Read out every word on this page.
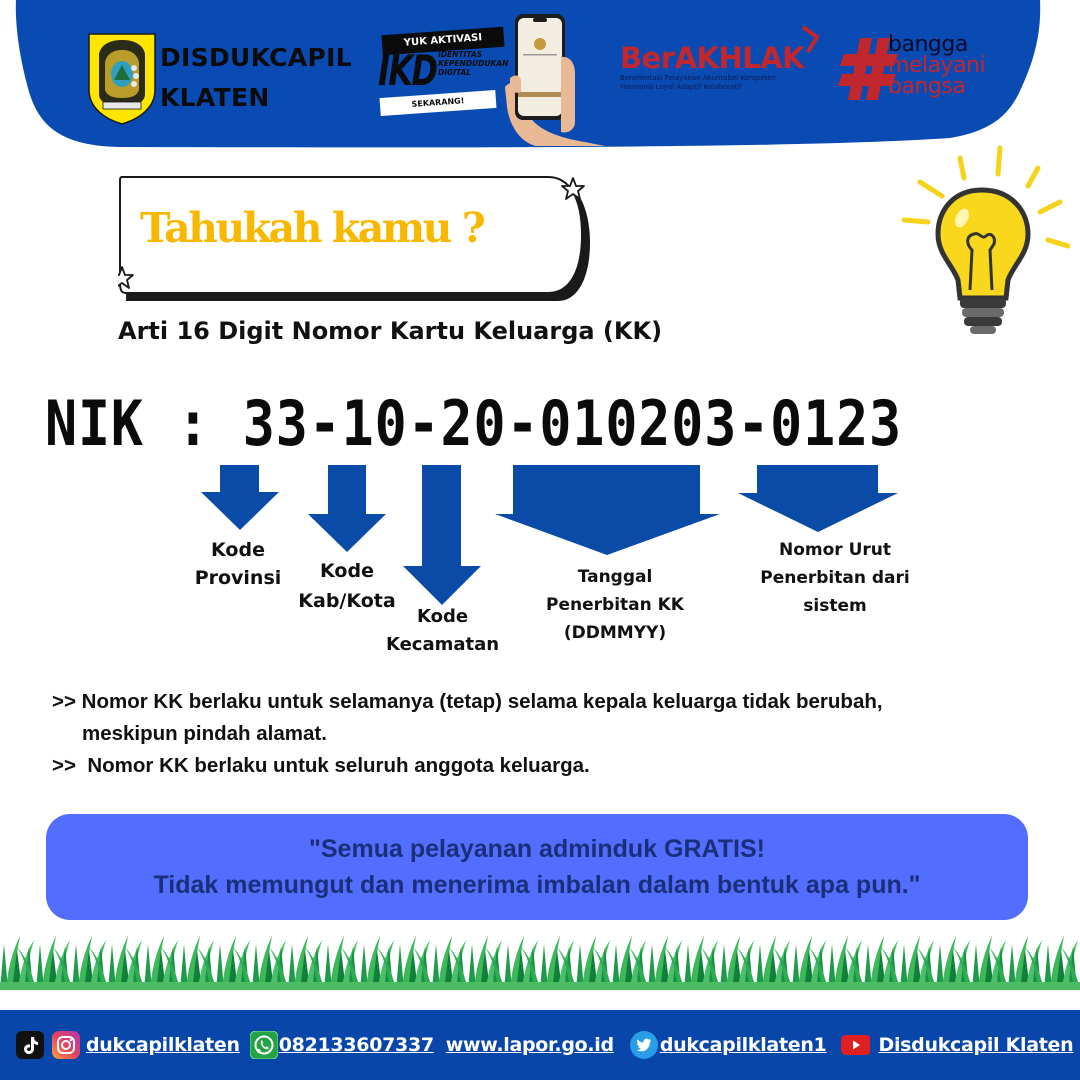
DISDUKCAPIL
KLATEN
YUK AKTIVASI
IKD IDENTITAS
KEPENDUDUKAN
DIGITAL
SEKARANG!
BerAKHLAK
Berorientasi Pelayanan Akuntabel Kompeten
Harmonis Loyal Adaptif Kolaboratif
bangga
melayani
bangsa
Tahukah kamu ?
Arti 16 Digit Nomor Kartu Keluarga (KK)
NIK : 33-10-20-010203-0123
Kode
Provinsi	Kode
Kab/Kota
Kode
Kecamatan
Tanggal
Penerbitan KK
(DDMMYY)
Nomor Urut
Penerbitan dari
sistem
>> Nomor KK berlaku untuk selamanya (tetap) selama kepala keluarga tidak berubah,
meskipun pindah alamat.
>> Nomor KK berlaku untuk seluruh anggota keluarga.
"Semua pelayanan adminduk GRATIS!
Tidak memungut dan menerima imbalan dalam bentuk apa pun."
dukcapilklaten 082133607337 www.lapor.go.id dukcapilklaten1	Disdukcapil Klaten
